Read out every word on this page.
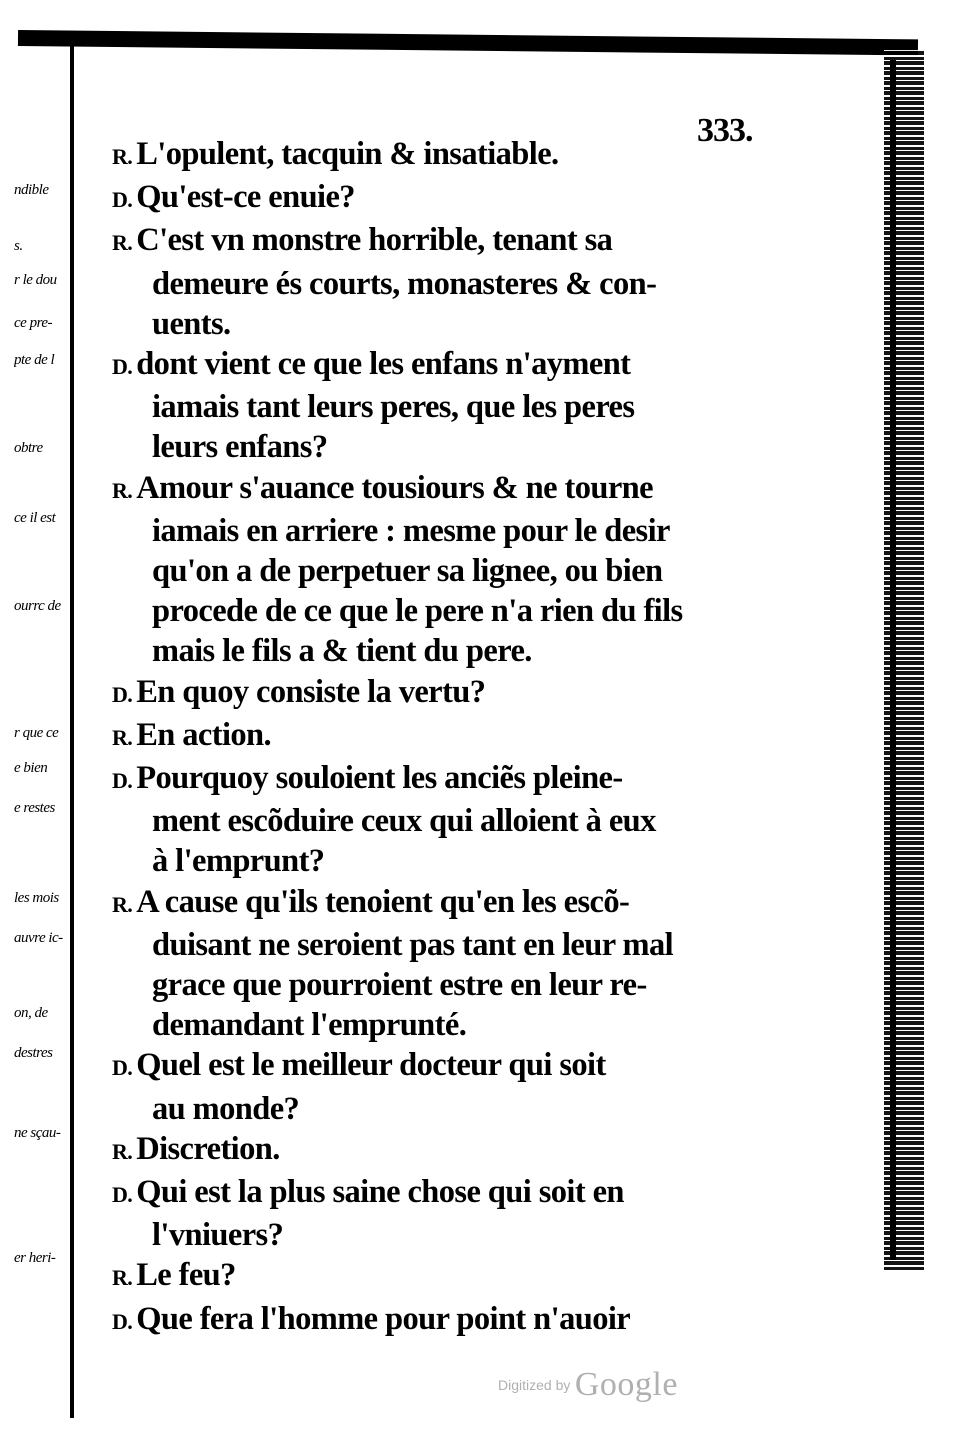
ndible
s.
r le dou
ce pre-
pte de l
obtre
ce il est
ourrc de
r que ce
e bien
e restes
les mois
auvre ic-
on, de
destres
ne sçau-
er heri-
333.
R. L'opulent, tacquin & insatiable.
D. Qu'est-ce enuie?
R. C'est vn monstre horrible, tenant sa
demeure és courts, monasteres & con-
uents.
D. dont vient ce que les enfans n'ayment
iamais tant leurs peres, que les peres
leurs enfans?
R. Amour s'auance tousiours & ne tourne
iamais en arriere : mesme pour le desir
qu'on a de perpetuer sa lignee, ou bien
procede de ce que le pere n'a rien du fils
mais le fils a & tient du pere.
D. En quoy consiste la vertu?
R. En action.
D. Pourquoy souloient les anciẽs pleine-
ment escõduire ceux qui alloient à eux
à l'emprunt?
R. A cause qu'ils tenoient qu'en les escõ-
duisant ne seroient pas tant en leur mal
grace que pourroient estre en leur re-
demandant l'emprunté.
D. Quel est le meilleur docteur qui soit
au monde?
R. Discretion.
D. Qui est la plus saine chose qui soit en
l'vniuers?
R. Le feu?
D. Que fera l'homme pour point n'auoir
Digitized by Google
